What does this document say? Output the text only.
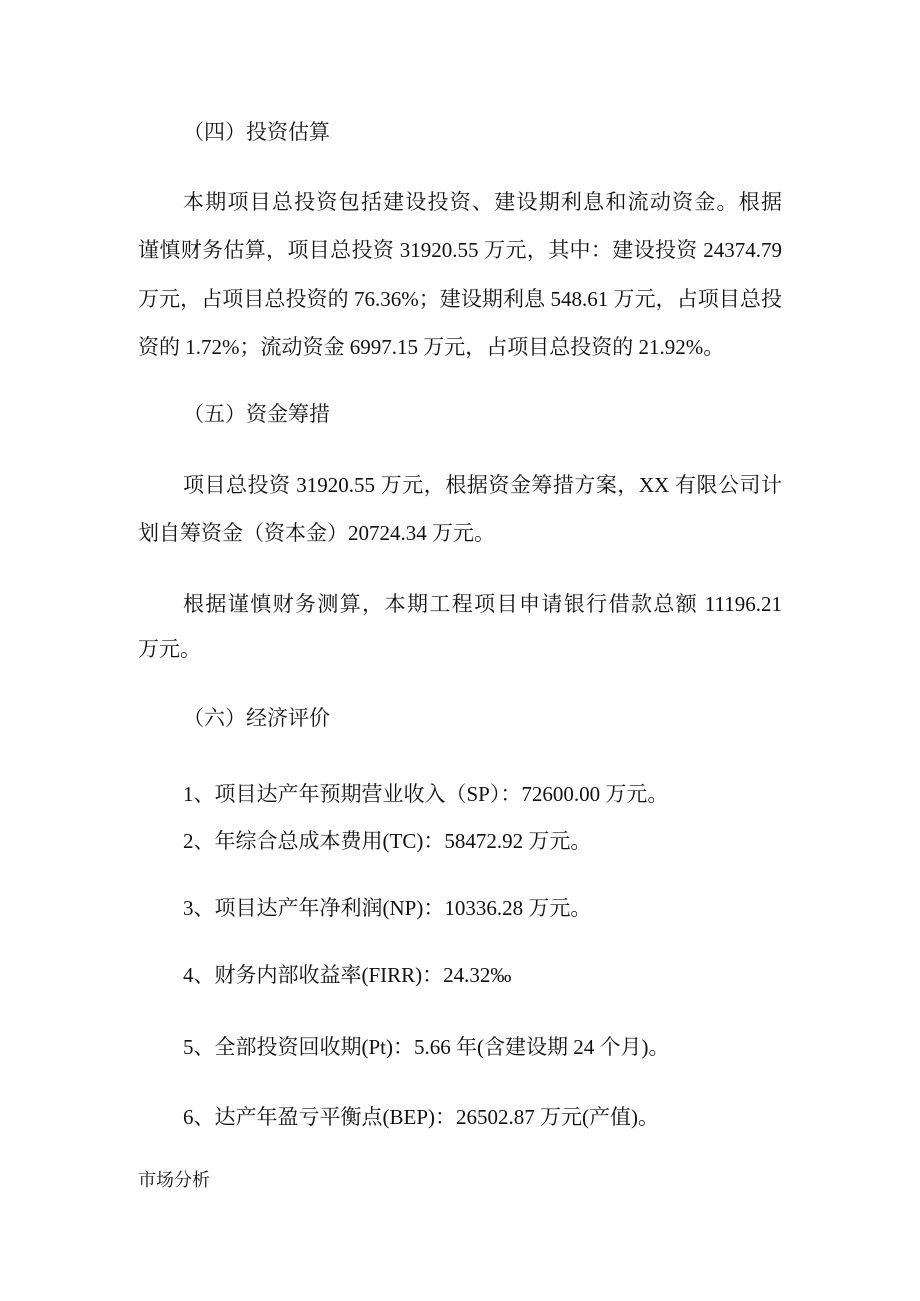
（四）投资估算
本期项目总投资包括建设投资、建设期利息和流动资金。根据
谨慎财务估算，项目总投资 31920.55 万元，其中：建设投资 24374.79
万元，占项目总投资的 76.36%；建设期利息 548.61 万元，占项目总投
资的 1.72%；流动资金 6997.15 万元，占项目总投资的 21.92%。
（五）资金筹措
项目总投资 31920.55 万元，根据资金筹措方案，XX 有限公司计
划自筹资金（资本金）20724.34 万元。
根据谨慎财务测算，本期工程项目申请银行借款总额 11196.21
万元。
（六）经济评价
1、项目达产年预期营业收入（SP）：72600.00 万元。
2、年综合总成本费用(TC)：58472.92 万元。
3、项目达产年净利润(NP)：10336.28 万元。
4、财务内部收益率(FIRR)：24.32‰
5、全部投资回收期(Pt)：5.66 年(含建设期 24 个月)。
6、达产年盈亏平衡点(BEP)：26502.87 万元(产值)。
市场分析
